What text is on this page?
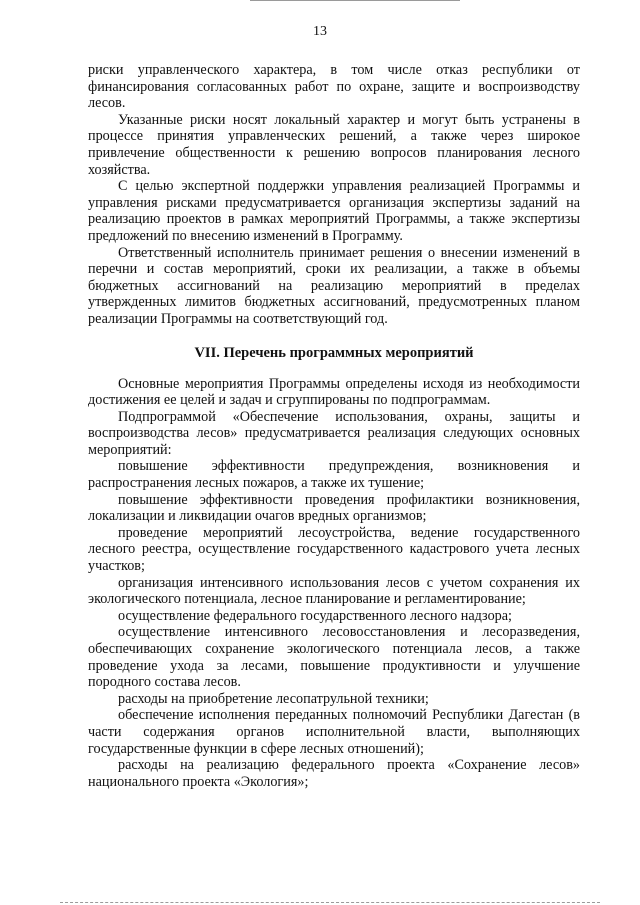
13

риски управленческого характера, в том числе отказ республики от финансирования согласованных работ по охране, защите и воспроизводству лесов.

Указанные риски носят локальный характер и могут быть устранены в процессе принятия управленческих решений, а также через широкое привлечение общественности к решению вопросов планирования лесного хозяйства.

С целью экспертной поддержки управления реализацией Программы и управления рисками предусматривается организация экспертизы заданий на реализацию проектов в рамках мероприятий Программы, а также экспертизы предложений по внесению изменений в Программу.

Ответственный исполнитель принимает решения о внесении изменений в перечни и состав мероприятий, сроки их реализации, а также в объемы бюджетных ассигнований на реализацию мероприятий в пределах утвержденных лимитов бюджетных ассигнований, предусмотренных планом реализации Программы на соответствующий год.

VII. Перечень программных мероприятий

Основные мероприятия Программы определены исходя из необходимости достижения ее целей и задач и сгруппированы по подпрограммам.

Подпрограммой «Обеспечение использования, охраны, защиты и воспроизводства лесов» предусматривается реализация следующих основных мероприятий:

повышение эффективности предупреждения, возникновения и распространения лесных пожаров, а также их тушение;

повышение эффективности проведения профилактики возникновения, локализации и ликвидации очагов вредных организмов;

проведение мероприятий лесоустройства, ведение государственного лесного реестра, осуществление государственного кадастрового учета лесных участков;

организация интенсивного использования лесов с учетом сохранения их экологического потенциала, лесное планирование и регламентирование;

осуществление федерального государственного лесного надзора;

осуществление интенсивного лесовосстановления и лесоразведения, обеспечивающих сохранение экологического потенциала лесов, а также проведение ухода за лесами, повышение продуктивности и улучшение породного состава лесов.

расходы на приобретение лесопатрульной техники;

обеспечение исполнения переданных полномочий Республики Дагестан (в части содержания органов исполнительной власти, выполняющих государственные функции в сфере лесных отношений);

расходы на реализацию федерального проекта «Сохранение лесов» национального проекта «Экология»;
